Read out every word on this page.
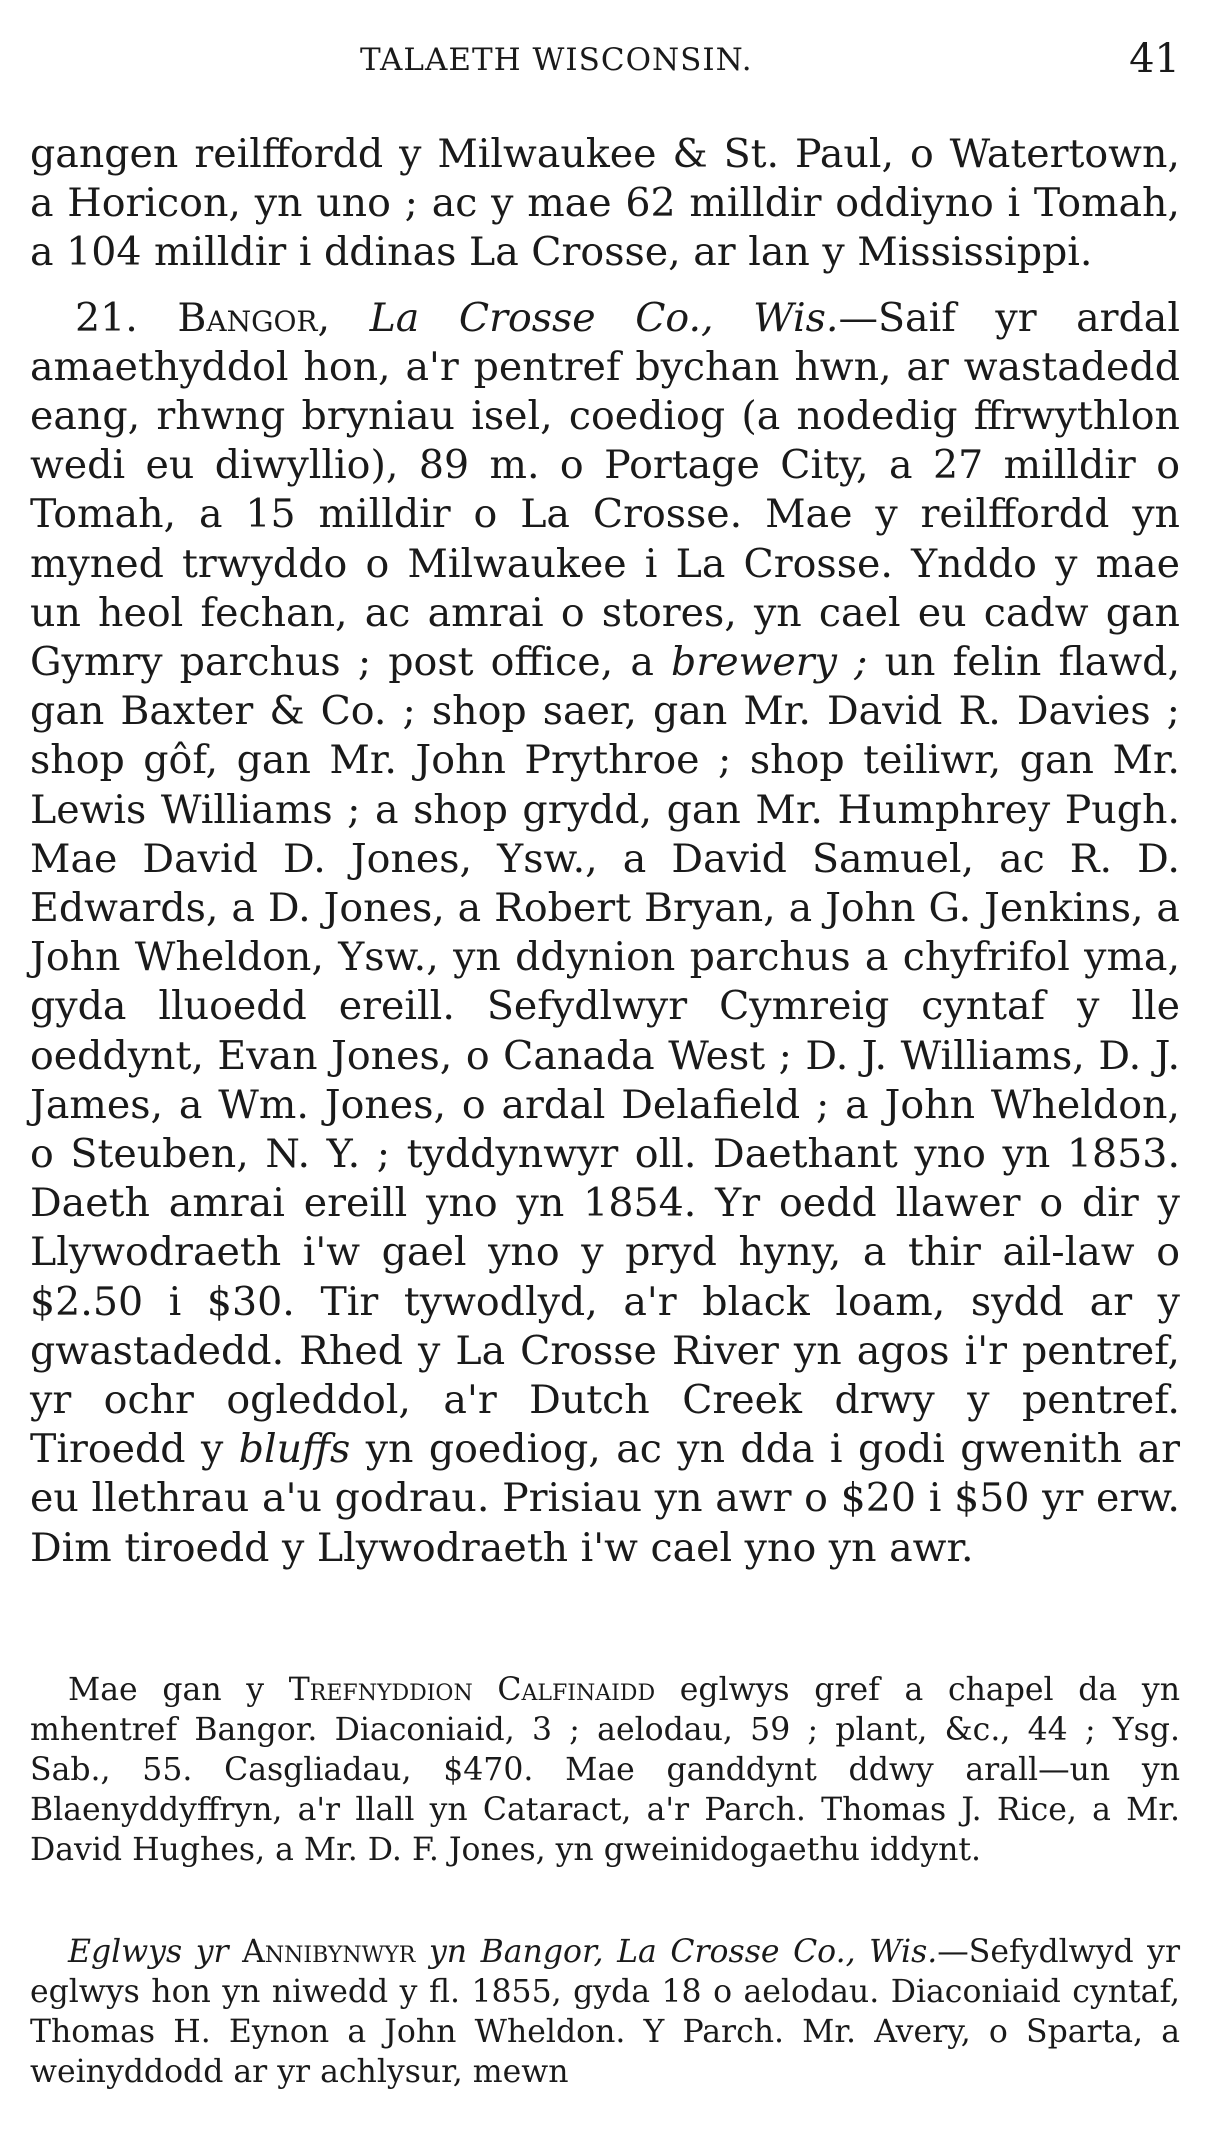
TALAETH WISCONSIN.	41

gangen reilffordd y Milwaukee & St. Paul, o Watertown, a Horicon, yn uno ; ac y mae 62 milldir oddiyno i Tomah, a 104 milldir i ddinas La Crosse, ar lan y Mississippi.

21. Bangor, La Crosse Co., Wis.—Saif yr ardal amaethyddol hon, a'r pentref bychan hwn, ar wastadedd eang, rhwng bryniau isel, coediog (a nodedig ffrwythlon wedi eu diwyllio), 89 m. o Portage City, a 27 milldir o Tomah, a 15 milldir o La Crosse. Mae y reilffordd yn myned trwyddo o Milwaukee i La Crosse. Ynddo y mae un heol fechan, ac amrai o stores, yn cael eu cadw gan Gymry parchus ; post office, a brewery ; un felin flawd, gan Baxter & Co. ; shop saer, gan Mr. David R. Davies ; shop gôf, gan Mr. John Prythroe ; shop teiliwr, gan Mr. Lewis Williams ; a shop grydd, gan Mr. Humphrey Pugh. Mae David D. Jones, Ysw., a David Samuel, ac R. D. Edwards, a D. Jones, a Robert Bryan, a John G. Jenkins, a John Wheldon, Ysw., yn ddynion parchus a chyfrifol yma, gyda lluoedd ereill. Sefydlwyr Cymreig cyntaf y lle oeddynt, Evan Jones, o Canada West ; D. J. Williams, D. J. James, a Wm. Jones, o ardal Delafield ; a John Wheldon, o Steuben, N. Y. ; tyddynwyr oll. Daethant yno yn 1853. Daeth amrai ereill yno yn 1854. Yr oedd llawer o dir y Llywodraeth i'w gael yno y pryd hyny, a thir ail-law o $2.50 i $30. Tir tywodlyd, a'r black loam, sydd ar y gwastadedd. Rhed y La Crosse River yn agos i'r pentref, yr ochr ogleddol, a'r Dutch Creek drwy y pentref. Tiroedd y bluffs yn goediog, ac yn dda i godi gwenith ar eu llethrau a'u godrau. Prisiau yn awr o $20 i $50 yr erw. Dim tiroedd y Llywodraeth i'w cael yno yn awr.

Mae gan y Trefnyddion Calfinaidd eglwys gref a chapel da yn mhentref Bangor. Diaconiaid, 3 ; aelodau, 59 ; plant, &c., 44 ; Ysg. Sab., 55. Casgliadau, $470. Mae ganddynt ddwy arall—un yn Blaenyddyffryn, a'r llall yn Cataract, a'r Parch. Thomas J. Rice, a Mr. David Hughes, a Mr. D. F. Jones, yn gweinidogaethu iddynt.

Eglwys yr Annibynwyr yn Bangor, La Crosse Co., Wis.—Sefydlwyd yr eglwys hon yn niwedd y fl. 1855, gyda 18 o aelodau. Diaconiaid cyntaf, Thomas H. Eynon a John Wheldon. Y Parch. Mr. Avery, o Sparta, a weinyddodd ar yr achlysur, mewn
